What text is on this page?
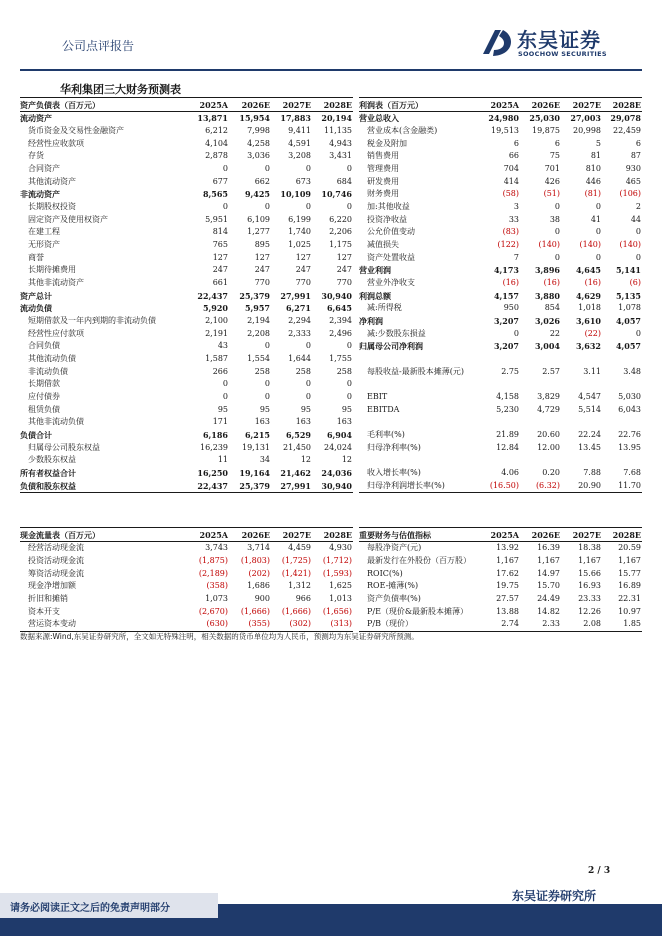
公司点评报告	东吴证券
SOOCHOW SECURITIES
华利集团三大财务预测表
资产负债表（百万元）	2025A	2026E	2027E	2028E
流动资产	13,871	15,954	17,883	20,194
货币资金及交易性金融资产	6,212	7,998	9,411	11,135
经营性应收款项	4,104	4,258	4,591	4,943
存货	2,878	3,036	3,208	3,431
合同资产	0	0	0	0
其他流动资产	677	662	673	684
非流动资产	8,565	9,425	10,109	10,746
长期股权投资	0	0	0	0
固定资产及使用权资产	5,951	6,109	6,199	6,220
在建工程	814	1,277	1,740	2,206
无形资产	765	895	1,025	1,175
商誉	127	127	127	127
长期待摊费用	247	247	247	247
其他非流动资产	661	770	770	770
资产总计	22,437	25,379	27,991	30,940
流动负债	5,920	5,957	6,271	6,645
短期借款及一年内到期的非流动负债	2,100	2,194	2,294	2,394
经营性应付款项	2,191	2,208	2,333	2,496
合同负债	43	0	0	0
其他流动负债	1,587	1,554	1,644	1,755
非流动负债	266	258	258	258
长期借款	0	0	0	0
应付债券	0	0	0	0
租赁负债	95	95	95	95
其他非流动负债	171	163	163	163
负债合计	6,186	6,215	6,529	6,904
归属母公司股东权益	16,239	19,131	21,450	24,024
少数股东权益	11	34	12	12
所有者权益合计	16,250	19,164	21,462	24,036
负债和股东权益	22,437	25,379	27,991	30,940
利润表（百万元）	2025A	2026E	2027E	2028E
营业总收入	24,980	25,030	27,003	29,078
营业成本(含金融类)	19,513	19,875	20,998	22,459
税金及附加	6	6	5	6
销售费用	66	75	81	87
管理费用	704	701	810	930
研发费用	414	426	446	465
财务费用	(58)	(51)	(81)	(106)
加:其他收益	3	0	0	2
投资净收益	33	38	41	44
公允价值变动	(83)	0	0	0
减值损失	(122)	(140)	(140)	(140)
资产处置收益	7	0	0	0
营业利润	4,173	3,896	4,645	5,141
营业外净收支	(16)	(16)	(16)	(6)
利润总额	4,157	3,880	4,629	5,135
减:所得税	950	854	1,018	1,078
净利润	3,207	3,026	3,610	4,057
减:少数股东损益	0	22	(22)	0
归属母公司净利润	3,207	3,004	3,632	4,057

每股收益-最新股本摊薄(元)	2.75	2.57	3.11	3.48

EBIT	4,158	3,829	4,547	5,030
EBITDA	5,230	4,729	5,514	6,043

毛利率(%)	21.89	20.60	22.24	22.76
归母净利率(%)	12.84	12.00	13.45	13.95

收入增长率(%)	4.06	0.20	7.88	7.68
归母净利润增长率(%)	(16.50)	(6.32)	20.90	11.70
现金流量表（百万元）	2025A	2026E	2027E	2028E
经营活动现金流	3,743	3,714	4,459	4,930
投资活动现金流	(1,875)	(1,803)	(1,725)	(1,712)
筹资活动现金流	(2,189)	(202)	(1,421)	(1,593)
现金净增加额	(358)	1,686	1,312	1,625
折旧和摊销	1,073	900	966	1,013
资本开支	(2,670)	(1,666)	(1,666)	(1,656)
营运资本变动	(630)	(355)	(302)	(313)
重要财务与估值指标	2025A	2026E	2027E	2028E
每股净资产(元)	13.92	16.39	18.38	20.59
最新发行在外股份（百万股）	1,167	1,167	1,167	1,167
ROIC(%)	17.62	14.97	15.66	15.77
ROE-摊薄(%)	19.75	15.70	16.93	16.89
资产负债率(%)	27.57	24.49	23.33	22.31
P/E（现价&最新股本摊薄）	13.88	14.82	12.26	10.97
P/B（现价）	2.74	2.33	2.08	1.85
数据来源:Wind,东吴证券研究所，全文如无特殊注明，相关数据的货币单位均为人民币，预测均为东吴证券研究所预测。
2 / 3
东吴证券研究所
请务必阅读正文之后的免责声明部分
